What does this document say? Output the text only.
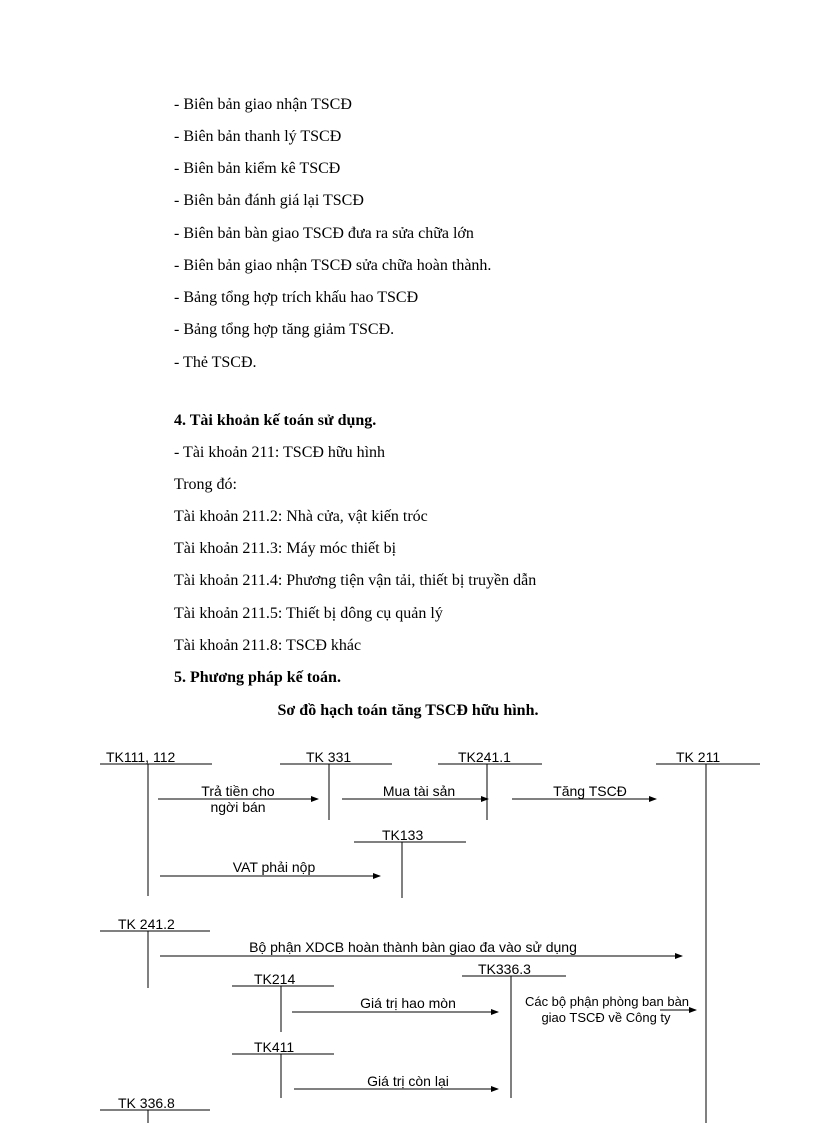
- Biên bản giao nhận TSCĐ
- Biên bản thanh lý TSCĐ
- Biên bản kiểm kê TSCĐ
- Biên bản đánh giá lại TSCĐ
- Biên bản bàn giao TSCĐ đưa ra sửa chữa lớn
- Biên bản giao nhận TSCĐ sửa chữa hoàn thành.
- Bảng tổng hợp trích khấu hao TSCĐ
- Bảng tổng hợp tăng giảm TSCĐ.
- Thẻ TSCĐ.
4. Tài khoản kế toán sử dụng.
- Tài khoản 211: TSCĐ hữu hình
Trong đó:
Tài khoản 211.2: Nhà cửa, vật kiến tróc
Tài khoản 211.3: Máy móc thiết bị
Tài khoản 211.4: Phương tiện vận tải, thiết bị truyền dẫn
Tài khoản 211.5: Thiết bị dông cụ quản lý
Tài khoản 211.8: TSCĐ khác
5. Phương pháp kế toán.
Sơ đồ hạch toán tăng TSCĐ hữu hình.
TK111, 112	TK 331	TK241.1	TK 211
TK133
TK 241.2
TK336.3
TK214
TK411
TK 336.8
Trả tiền cho
ngời bán
Mua tài sản	Tăng TSCĐ
VAT phải nộp
Bộ phận XDCB hoàn thành bàn giao đa vào sử dụng
Giá trị hao mòn	Các bộ phận phòng ban bàn
giao TSCĐ về Công ty
Giá trị còn lại
